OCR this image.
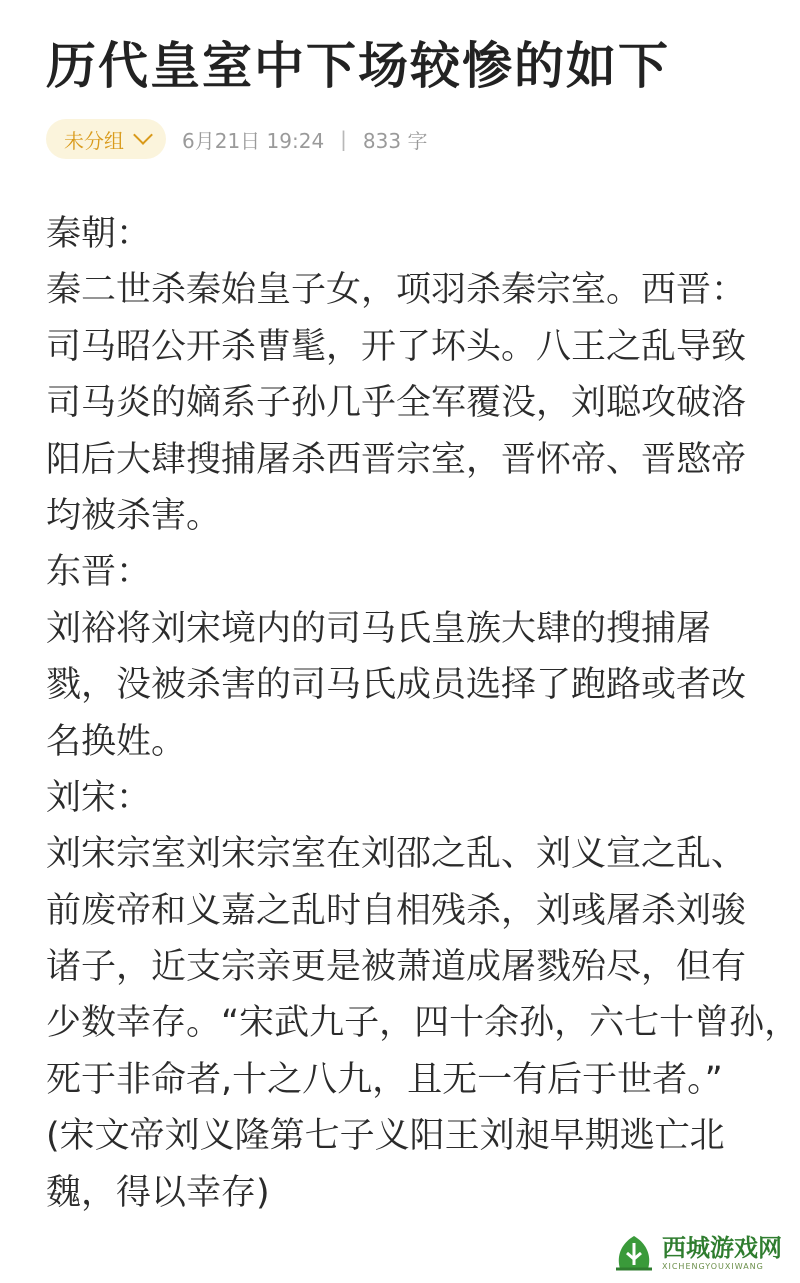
历代皇室中下场较惨的如下
未分组	6月21日 19:24 | 833 字
秦朝：
秦二世杀秦始皇子女，项羽杀秦宗室。西晋：
司马昭公开杀曹髦，开了坏头。八王之乱导致
司马炎的嫡系子孙几乎全军覆没，刘聪攻破洛
阳后大肆搜捕屠杀西晋宗室，晋怀帝、晋愍帝
均被杀害。
东晋：
刘裕将刘宋境内的司马氏皇族大肆的搜捕屠
戮，没被杀害的司马氏成员选择了跑路或者改
名换姓。
刘宋：
刘宋宗室刘宋宗室在刘邵之乱、刘义宣之乱、
前废帝和义嘉之乱时自相残杀，刘彧屠杀刘骏
诸子，近支宗亲更是被萧道成屠戮殆尽，但有
少数幸存。“宋武九子，四十余孙，六七十曾孙，
死于非命者,十之八九，且无一有后于世者。”
(宋文帝刘义隆第七子义阳王刘昶早期逃亡北
魏，得以幸存)
西城游戏网
XICHENGYOUXIWANG
